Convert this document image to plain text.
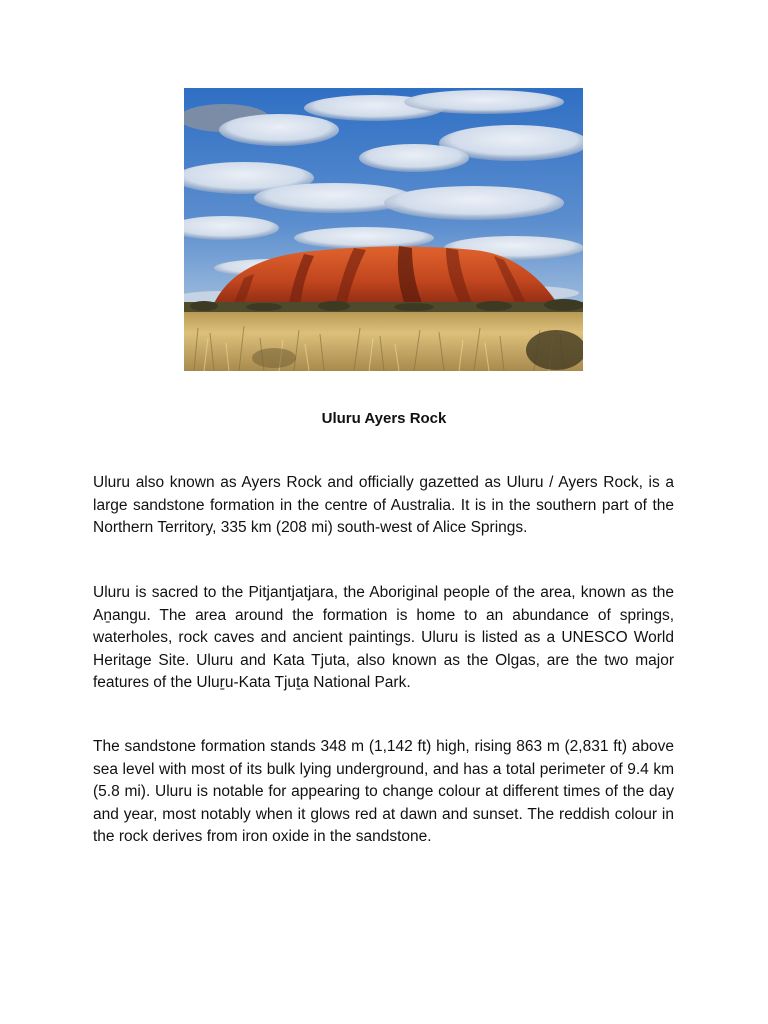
Uluru Ayers Rock

Uluru also known as Ayers Rock and officially gazetted as Uluru / Ayers Rock, is a large sandstone formation in the centre of Australia. It is in the southern part of the Northern Territory, 335 km (208 mi) south-west of Alice Springs.

Uluru is sacred to the Pitjantjatjara, the Aboriginal people of the area, known as the Aṉangu. The area around the formation is home to an abundance of springs, waterholes, rock caves and ancient paintings. Uluru is listed as a UNESCO World Heritage Site. Uluru and Kata Tjuta, also known as the Olgas, are the two major features of the Uluṟu-Kata Tjuṯa National Park.

The sandstone formation stands 348 m (1,142 ft) high, rising 863 m (2,831 ft) above sea level with most of its bulk lying underground, and has a total perimeter of 9.4 km (5.8 mi). Uluru is notable for appearing to change colour at different times of the day and year, most notably when it glows red at dawn and sunset. The reddish colour in the rock derives from iron oxide in the sandstone.
